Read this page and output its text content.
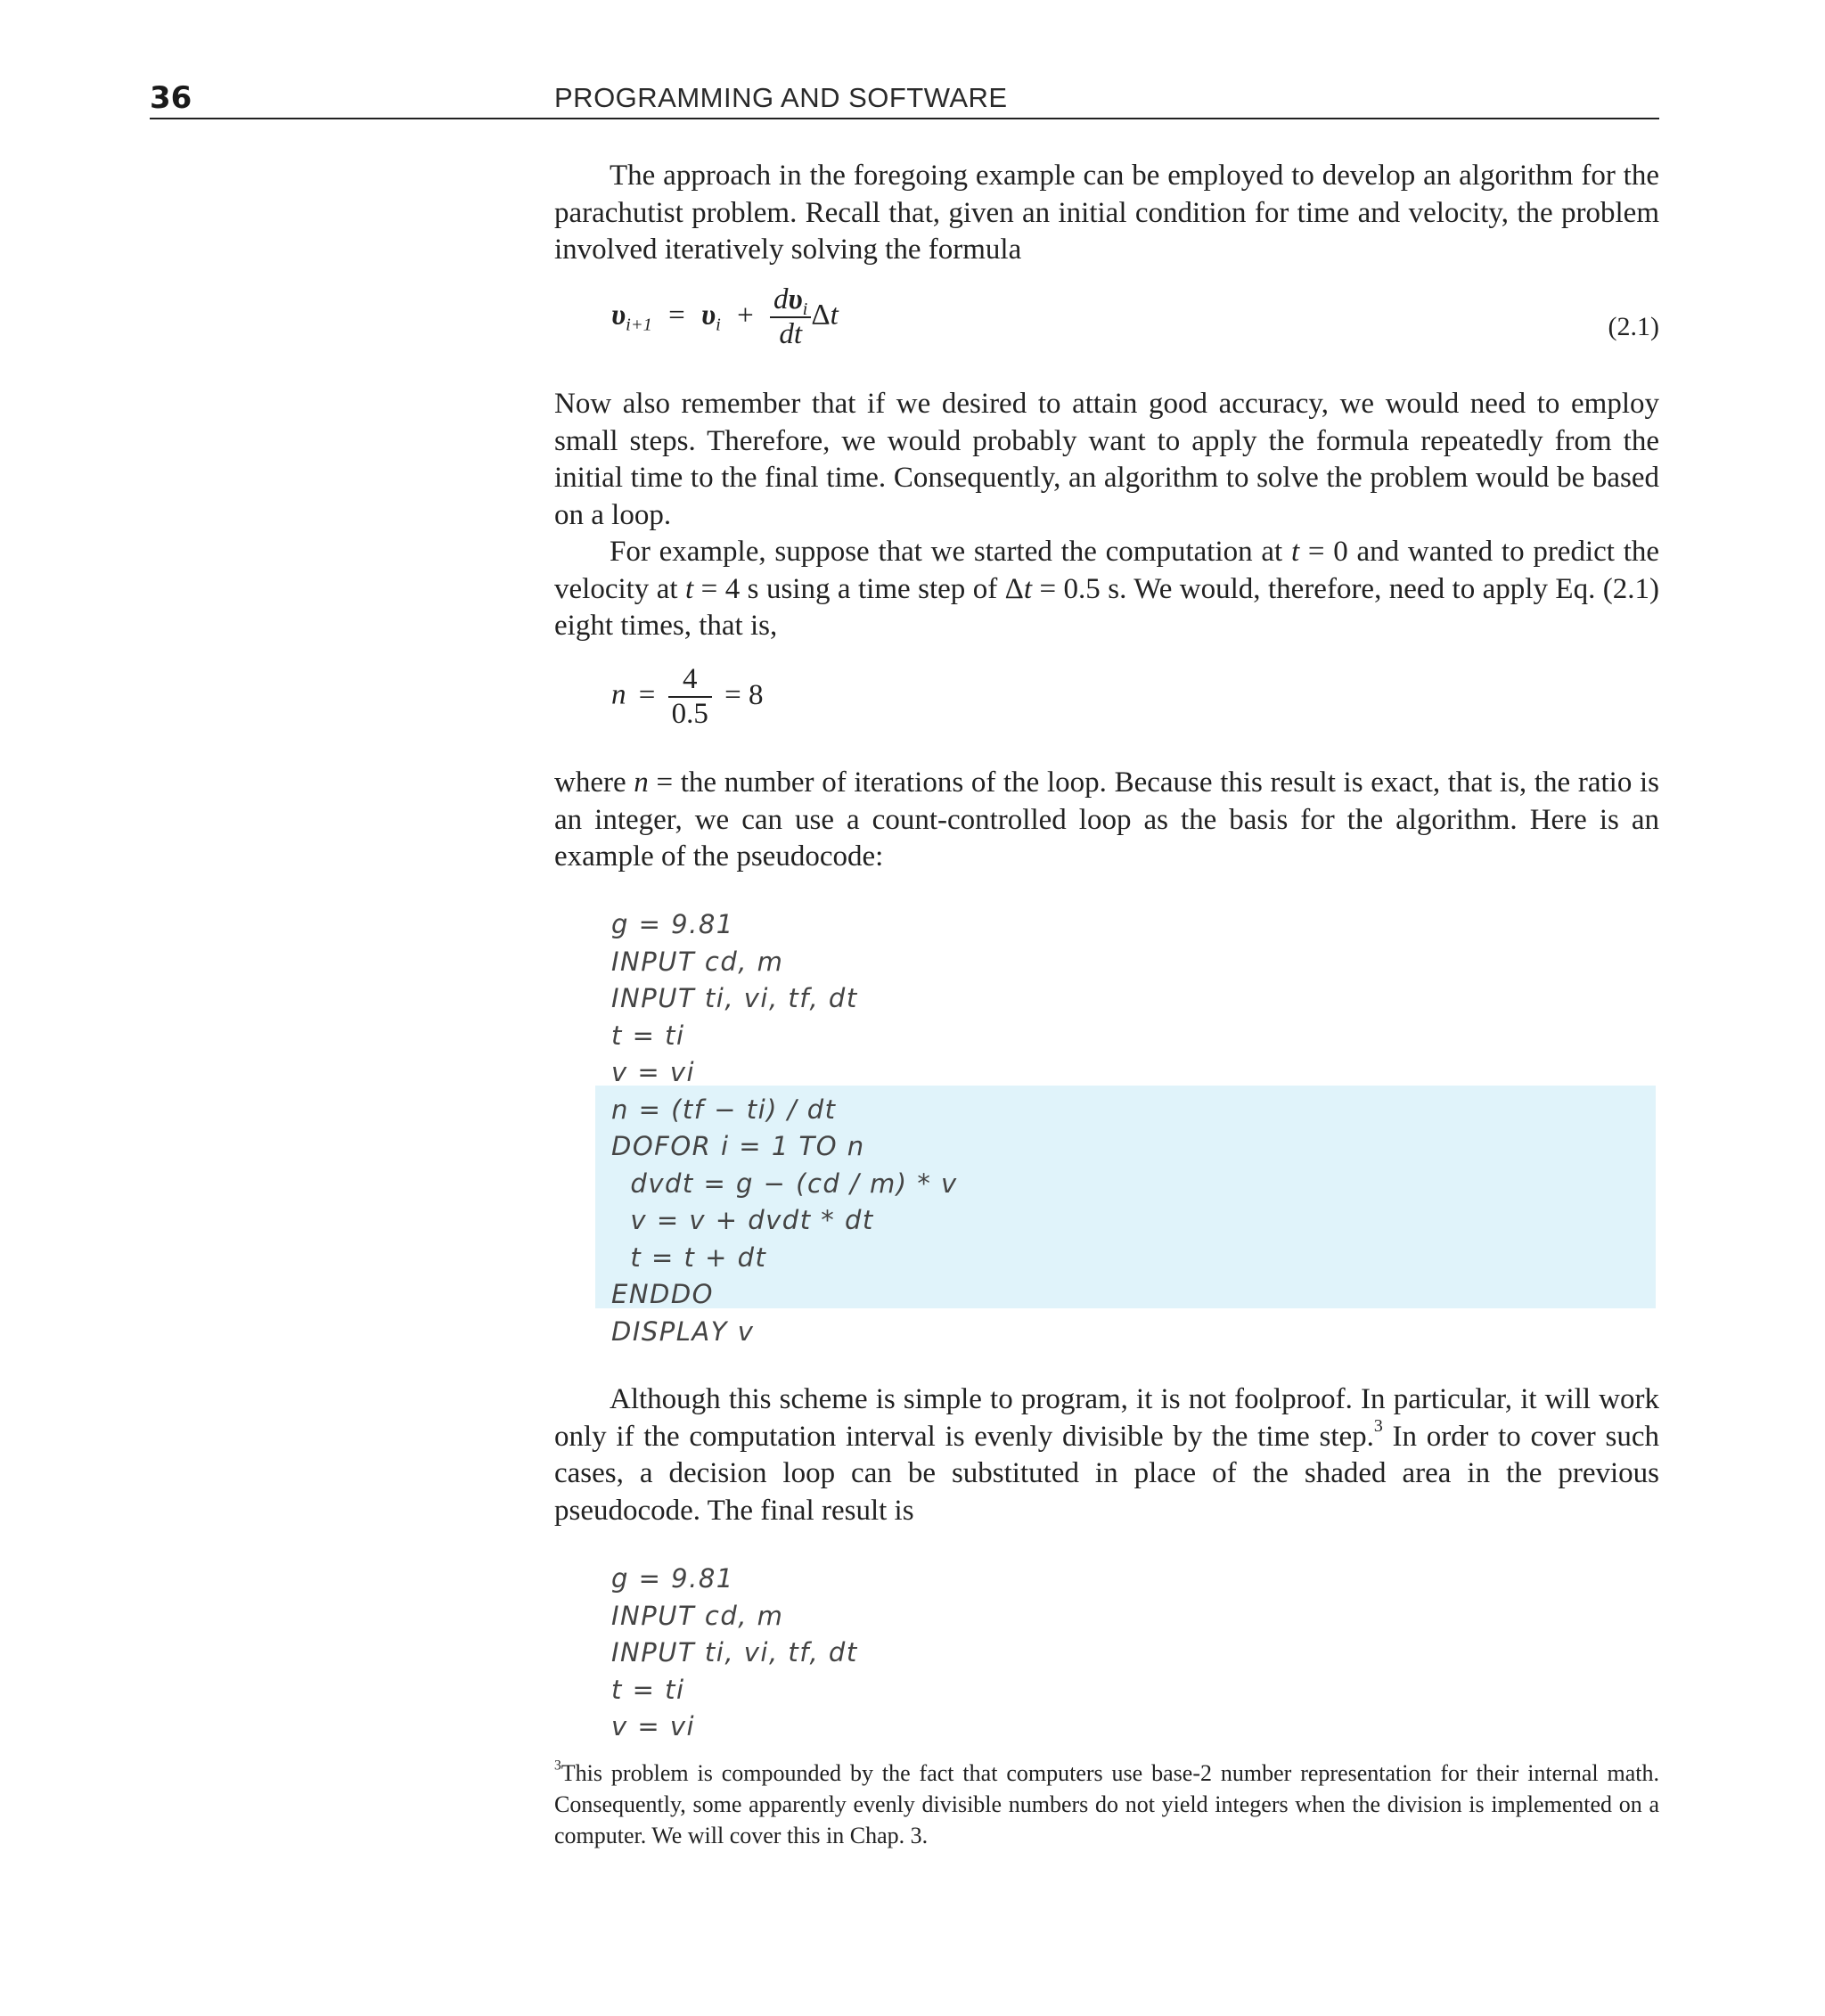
36	PROGRAMMING AND SOFTWARE

The approach in the foregoing example can be employed to develop an algorithm for the parachutist problem. Recall that, given an initial condition for time and velocity, the problem involved iteratively solving the formula

$\upsilon_{i+1} = \upsilon_i + \frac{d\upsilon_i}{dt}$ Δt	(2.1)

Now also remember that if we desired to attain good accuracy, we would need to employ small steps. Therefore, we would probably want to apply the formula repeatedly from the initial time to the final time. Consequently, an algorithm to solve the problem would be based on a loop.

For example, suppose that we started the computation at t = 0 and wanted to predict the velocity at t = 4 s using a time step of Δt = 0.5 s. We would, therefore, need to apply Eq. (2.1) eight times, that is,

$n = \frac{4}{0.5} = 8$

where n = the number of iterations of the loop. Because this result is exact, that is, the ratio is an integer, we can use a count-controlled loop as the basis for the algorithm. Here is an example of the pseudocode:

g = 9.81
INPUT cd, m
INPUT ti, vi, tf, dt
t = ti
v = vi
n = (tf − ti) / dt
DOFOR i = 1 TO n
dvdt = g − (cd / m) * v
v = v + dvdt * dt
t = t + dt
ENDDO
DISPLAY v

Although this scheme is simple to program, it is not foolproof. In particular, it will work only if the computation interval is evenly divisible by the time step.$^3$ In order to cover such cases, a decision loop can be substituted in place of the shaded area in the previous pseudocode. The final result is

g = 9.81
INPUT cd, m
INPUT ti, vi, tf, dt
t = ti
v = vi

$^3$This problem is compounded by the fact that computers use base-2 number representation for their internal math. Consequently, some apparently evenly divisible numbers do not yield integers when the division is implemented on a computer. We will cover this in Chap. 3.
